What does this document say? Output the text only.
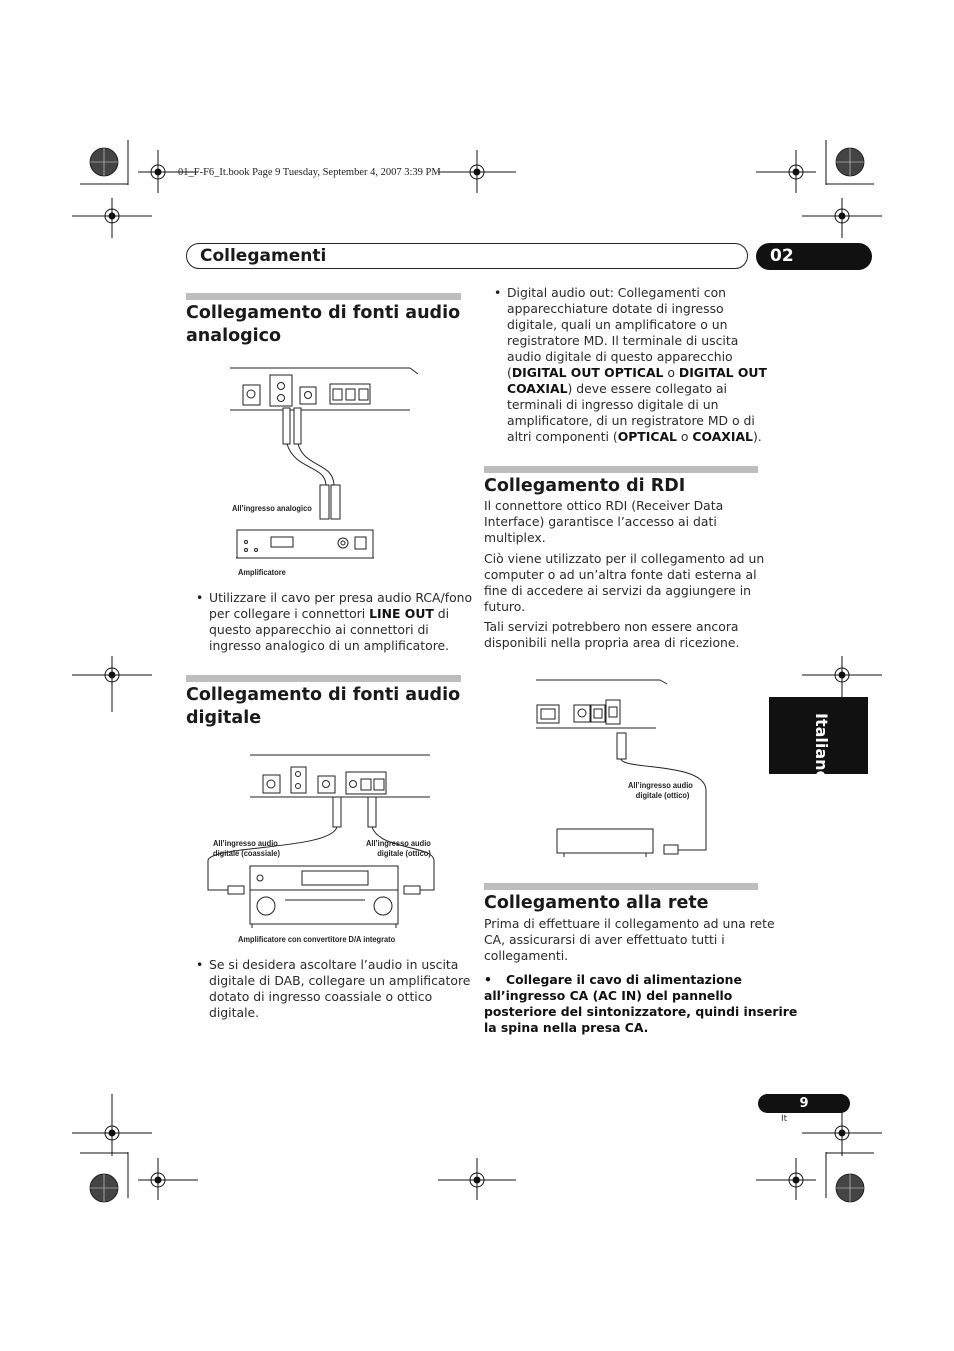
01_F-F6_It.book Page 9 Tuesday, September 4, 2007 3:39 PM
Collegamenti	02
Italiano
Collegamento di fonti audio
analogico
All’ingresso analogico
Amplificatore
• Utilizzare il cavo per presa audio RCA/fono
per collegare i connettori LINE OUT di
questo apparecchio ai connettori di
ingresso analogico di un amplificatore.
Collegamento di fonti audio
digitale
All’ingresso audio
digitale (coassiale)
All’ingresso audio
digitale (ottico)
Amplificatore con convertitore D/A integrato
• Se si desidera ascoltare l’audio in uscita
digitale di DAB, collegare un amplificatore
dotato di ingresso coassiale o ottico
digitale.
• Digital audio out: Collegamenti con
apparecchiature dotate di ingresso
digitale, quali un amplificatore o un
registratore MD. Il terminale di uscita
audio digitale di questo apparecchio
(DIGITAL OUT OPTICAL o DIGITAL OUT
COAXIAL) deve essere collegato ai
terminali di ingresso digitale di un
amplificatore, di un registratore MD o di
altri componenti (OPTICAL o COAXIAL).
Collegamento di RDI
Il connettore ottico RDI (Receiver Data
Interface) garantisce l’accesso ai dati
multiplex.
Ciò viene utilizzato per il collegamento ad un
computer o ad un’altra fonte dati esterna al
fine di accedere ai servizi da aggiungere in
futuro.
Tali servizi potrebbero non essere ancora
disponibili nella propria area di ricezione.
All’ingresso audio
digitale (ottico)
Collegamento alla rete
Prima di effettuare il collegamento ad una rete
CA, assicurarsi di aver effettuato tutti i
collegamenti.
•	Collegare il cavo di alimentazione
all’ingresso CA (AC IN) del pannello
posteriore del sintonizzatore, quindi inserire
la spina nella presa CA.
9
It
